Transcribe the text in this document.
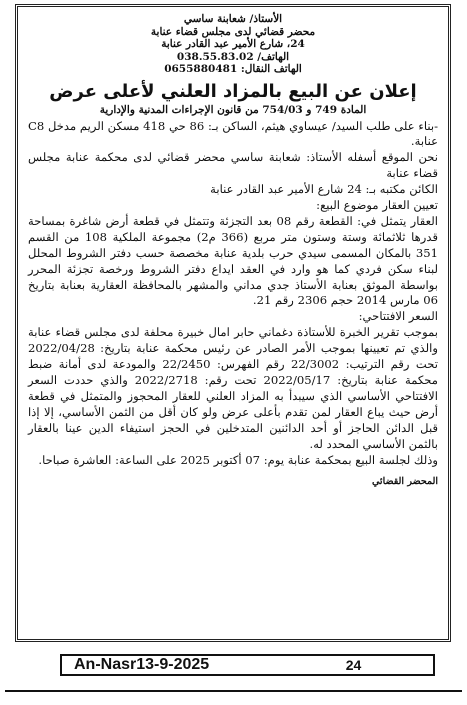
الأستاذ/ شعابنة ساسي
محضر قضائي لدى مجلس قضاء عنابة
24، شارع الأمير عبد القادر عنابة
الهاتف/ 038.55.83.02
الهاتف النقال: 0655880481
إعلان عن البيع بالمزاد العلني لأعلى عرض
المادة 749 و 754/03 من قانون الإجراءات المدنية والإدارية

-بناء على طلب السيد/ عيساوي هيثم، الساكن بـ: 86 حي 418 مسكن الريم مدخل C8 عنابة.

نحن الموقع أسفله الأستاذ: شعابنة ساسي محضر قضائي لدى محكمة عنابة مجلس قضاء عنابة

الكائن مكتبه بـ: 24 شارع الأمير عبد القادر عنابة

تعيين العقار موضوع البيع:

العقار يتمثل في: القطعة رقم 08 بعد التجزئة وتتمثل في قطعة أرض شاغرة بمساحة قدرها ثلاثمائة وستة وستون متر مربع (366 م2) مجموعة الملكية 108 من القسم 351 بالمكان المسمى سيدي حرب بلدية عنابة مخصصة حسب دفتر الشروط المحلل لبناء سكن فردي كما هو وارد في العقد ايداع دفتر الشروط ورخصة تجزئة المحرر بواسطة الموثق بعنابة الأستاذ جدي مداني والمشهر بالمحافظة العقارية بعنابة بتاريخ 06 مارس 2014 حجم 2306 رقم 21.

السعر الافتتاحي:

بموجب تقرير الخبرة للأستاذة دغماني حابر امال خبيرة محلفة لدى مجلس قضاء عنابة والذي تم تعيينها بموجب الأمر الصادر عن رئيس محكمة عنابة بتاريخ: 2022/04/28 تحت رقم الترتيب: 22/3002 رقم الفهرس: 22/2450 والمودعة لدى أمانة ضبط محكمة عنابة بتاريخ: 2022/05/17 تحت رقم: 2022/2718 والذي حددت السعر الافتتاحي الأساسي الذي سيبدأ به المزاد العلني للعقار المحجوز والمتمثل في قطعة أرض حيث يباع العقار لمن تقدم بأعلى عرض ولو كان أقل من الثمن الأساسي، إلا إذا قبل الدائن الحاجز أو أحد الدائنين المتدخلين في الحجز استيفاء الدين عينا بالعقار بالثمن الأساسي المحدد له.

وذلك لجلسة البيع بمحكمة عنابة يوم: 07 أكتوبر 2025 على الساعة: العاشرة صباحا.

المحضر القضائي
An-Nasr13-9-2025	24
